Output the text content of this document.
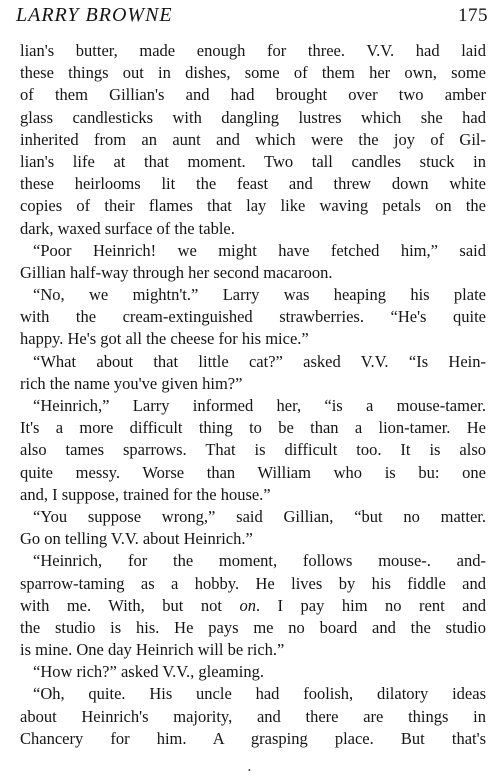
LARRY BROWNE	175
lian's butter, made enough for three. V.V. had laid
these things out in dishes, some of them her own, some
of them Gillian's and had brought over two amber
glass candlesticks with dangling lustres which she had
inherited from an aunt and which were the joy of Gil-
lian's life at that moment. Two tall candles stuck in
these heirlooms lit the feast and threw down white
copies of their flames that lay like waving petals on the
dark, waxed surface of the table.
“Poor Heinrich! we might have fetched him,” said
Gillian half-way through her second macaroon.
“No, we mightn't.” Larry was heaping his plate
with the cream-extinguished strawberries. “He's quite
happy. He's got all the cheese for his mice.”
“What about that little cat?” asked V.V. “Is Hein-
rich the name you've given him?”
“Heinrich,” Larry informed her, “is a mouse-tamer.
It's a more difficult thing to be than a lion-tamer. He
also tames sparrows. That is difficult too. It is also
quite messy. Worse than William who is bu: one
and, I suppose, trained for the house.”
“You suppose wrong,” said Gillian, “but no matter.
Go on telling V.V. about Heinrich.”
“Heinrich, for the moment, follows mouse-. and-
sparrow-taming as a hobby. He lives by his fiddle and
with me. With, but not on. I pay him no rent and
the studio is his. He pays me no board and the studio
is mine. One day Heinrich will be rich.”
“How rich?” asked V.V., gleaming.
“Oh, quite. His uncle had foolish, dilatory ideas
about Heinrich's majority, and there are things in
Chancery for him. A grasping place. But that's
•
